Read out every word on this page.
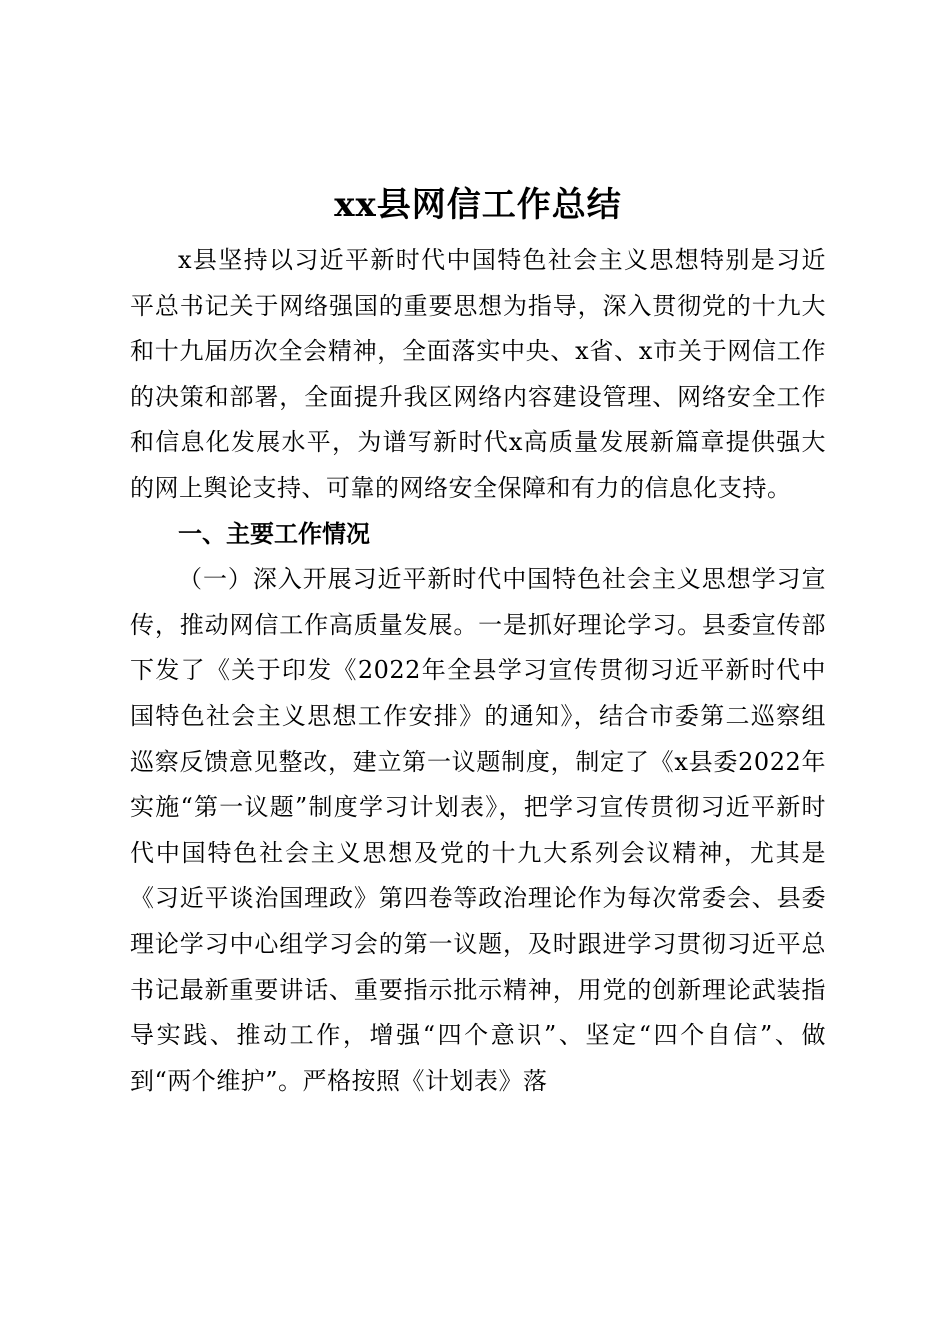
xx县网信工作总结

x县坚持以习近平新时代中国特色社会主义思想特别是习近平总书记关于网络强国的重要思想为指导，深入贯彻党的十九大和十九届历次全会精神，全面落实中央、x省、x市关于网信工作的决策和部署，全面提升我区网络内容建设管理、网络安全工作和信息化发展水平，为谱写新时代x高质量发展新篇章提供强大的网上舆论支持、可靠的网络安全保障和有力的信息化支持。

一、主要工作情况

（一）深入开展习近平新时代中国特色社会主义思想学习宣传，推动网信工作高质量发展。一是抓好理论学习。县委宣传部下发了《关于印发《2022年全县学习宣传贯彻习近平新时代中国特色社会主义思想工作安排》的通知》，结合市委第二巡察组巡察反馈意见整改，建立第一议题制度，制定了《x县委2022年实施“第一议题”制度学习计划表》，把学习宣传贯彻习近平新时代中国特色社会主义思想及党的十九大系列会议精神，尤其是《习近平谈治国理政》第四卷等政治理论作为每次常委会、县委理论学习中心组学习会的第一议题，及时跟进学习贯彻习近平总书记最新重要讲话、重要指示批示精神，用党的创新理论武装指导实践、推动工作，增强“四个意识”、坚定“四个自信”、做到“两个维护”。严格按照《计划表》落
